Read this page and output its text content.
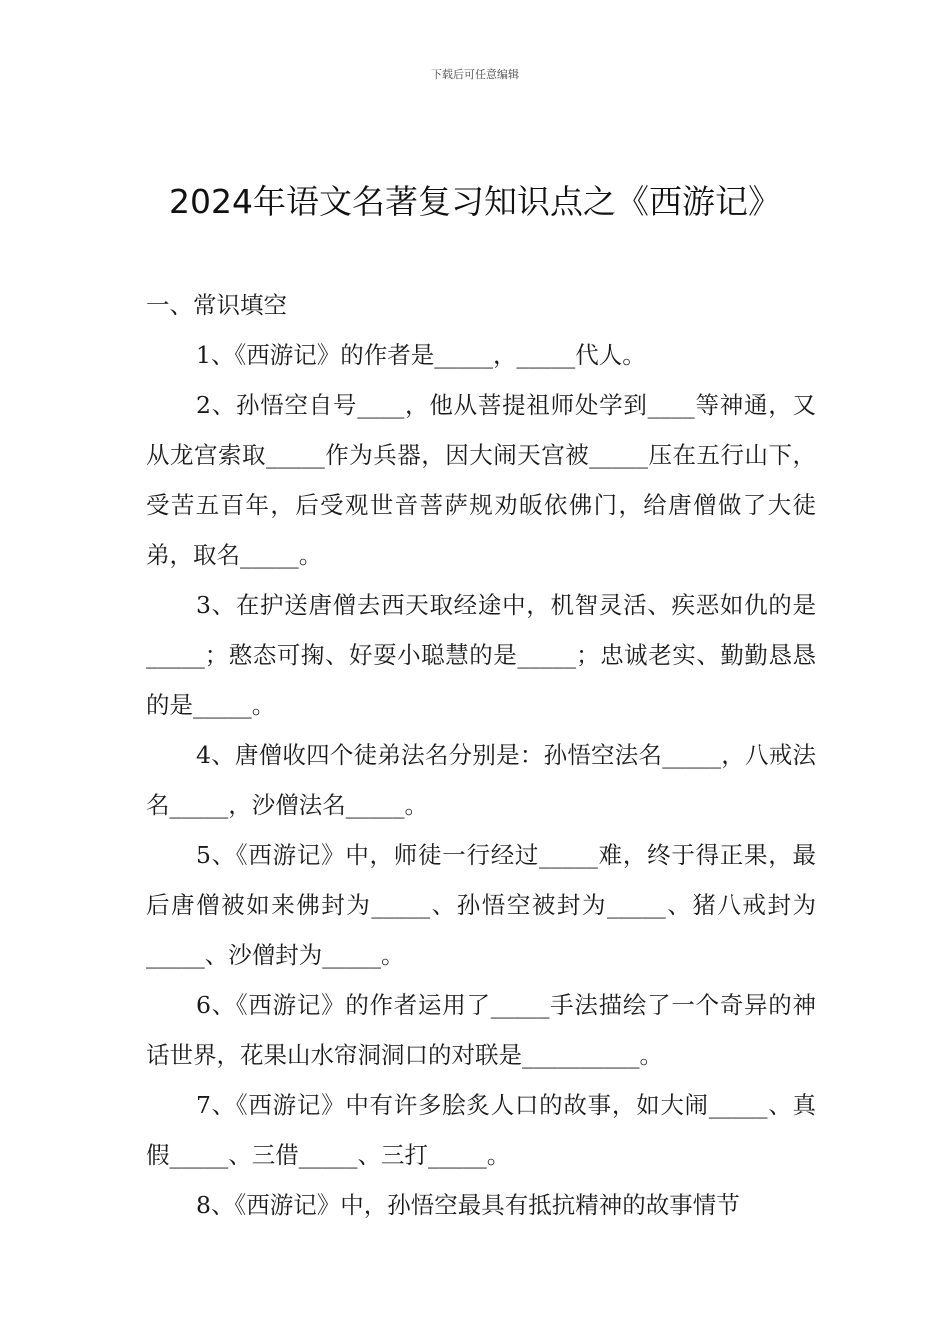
下载后可任意编辑
2024年语文名著复习知识点之《西游记》

一、常识填空

1、《西游记》的作者是_____，_____代人。

2、孙悟空自号____，他从菩提祖师处学到____等神通，又从龙宫索取_____作为兵器，因大闹天宫被_____压在五行山下，受苦五百年，后受观世音菩萨规劝皈依佛门，给唐僧做了大徒弟，取名_____。

3、在护送唐僧去西天取经途中，机智灵活、疾恶如仇的是_____；憨态可掬、好耍小聪慧的是_____；忠诚老实、勤勤恳恳的是_____。

4、唐僧收四个徒弟法名分别是：孙悟空法名_____，八戒法名_____，沙僧法名_____。

5、《西游记》中，师徒一行经过_____难，终于得正果，最后唐僧被如来佛封为_____、孙悟空被封为_____、猪八戒封为_____、沙僧封为_____。

6、《西游记》的作者运用了_____手法描绘了一个奇异的神话世界，花果山水帘洞洞口的对联是__________。

7、《西游记》中有许多脍炙人口的故事，如大闹_____、真假_____、三借_____、三打_____。

8、《西游记》中，孙悟空最具有抵抗精神的故事情节
